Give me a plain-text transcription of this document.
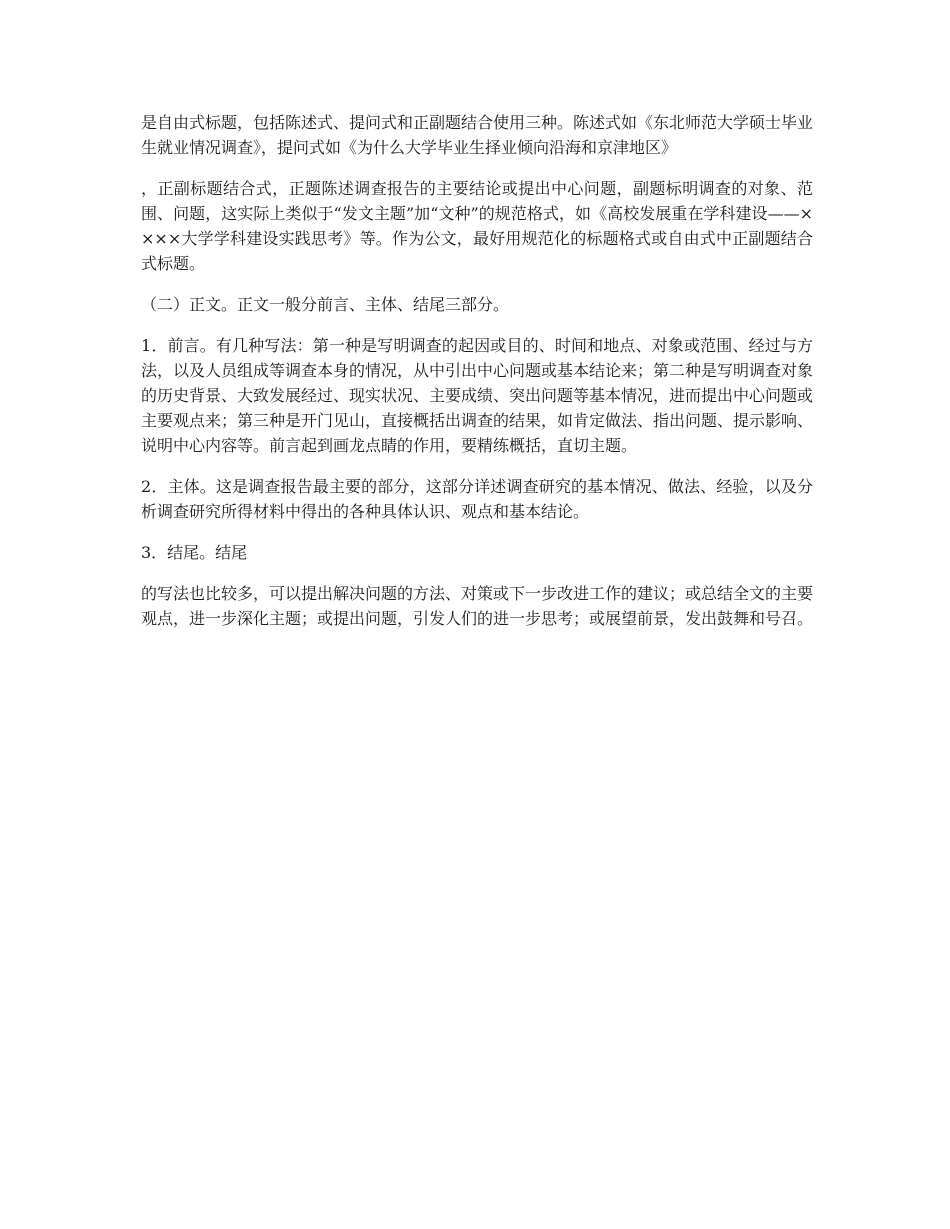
是自由式标题，包括陈述式、提问式和正副题结合使用三种。陈述式如《东北师范大学硕士毕业生就业情况调查》，提问式如《为什么大学毕业生择业倾向沿海和京津地区》

，正副标题结合式，正题陈述调查报告的主要结论或提出中心问题，副题标明调查的对象、范围、问题，这实际上类似于“发文主题”加“文种”的规范格式，如《高校发展重在学科建设——××××大学学科建设实践思考》等。作为公文，最好用规范化的标题格式或自由式中正副题结合式标题。

（二）正文。正文一般分前言、主体、结尾三部分。

1．前言。有几种写法：第一种是写明调查的起因或目的、时间和地点、对象或范围、经过与方法，以及人员组成等调查本身的情况，从中引出中心问题或基本结论来；第二种是写明调查对象的历史背景、大致发展经过、现实状况、主要成绩、突出问题等基本情况，进而提出中心问题或主要观点来；第三种是开门见山，直接概括出调查的结果，如肯定做法、指出问题、提示影响、说明中心内容等。前言起到画龙点睛的作用，要精练概括，直切主题。

2．主体。这是调查报告最主要的部分，这部分详述调查研究的基本情况、做法、经验，以及分析调查研究所得材料中得出的各种具体认识、观点和基本结论。

3．结尾。结尾

的写法也比较多，可以提出解决问题的方法、对策或下一步改进工作的建议；或总结全文的主要观点，进一步深化主题；或提出问题，引发人们的进一步思考；或展望前景，发出鼓舞和号召。
